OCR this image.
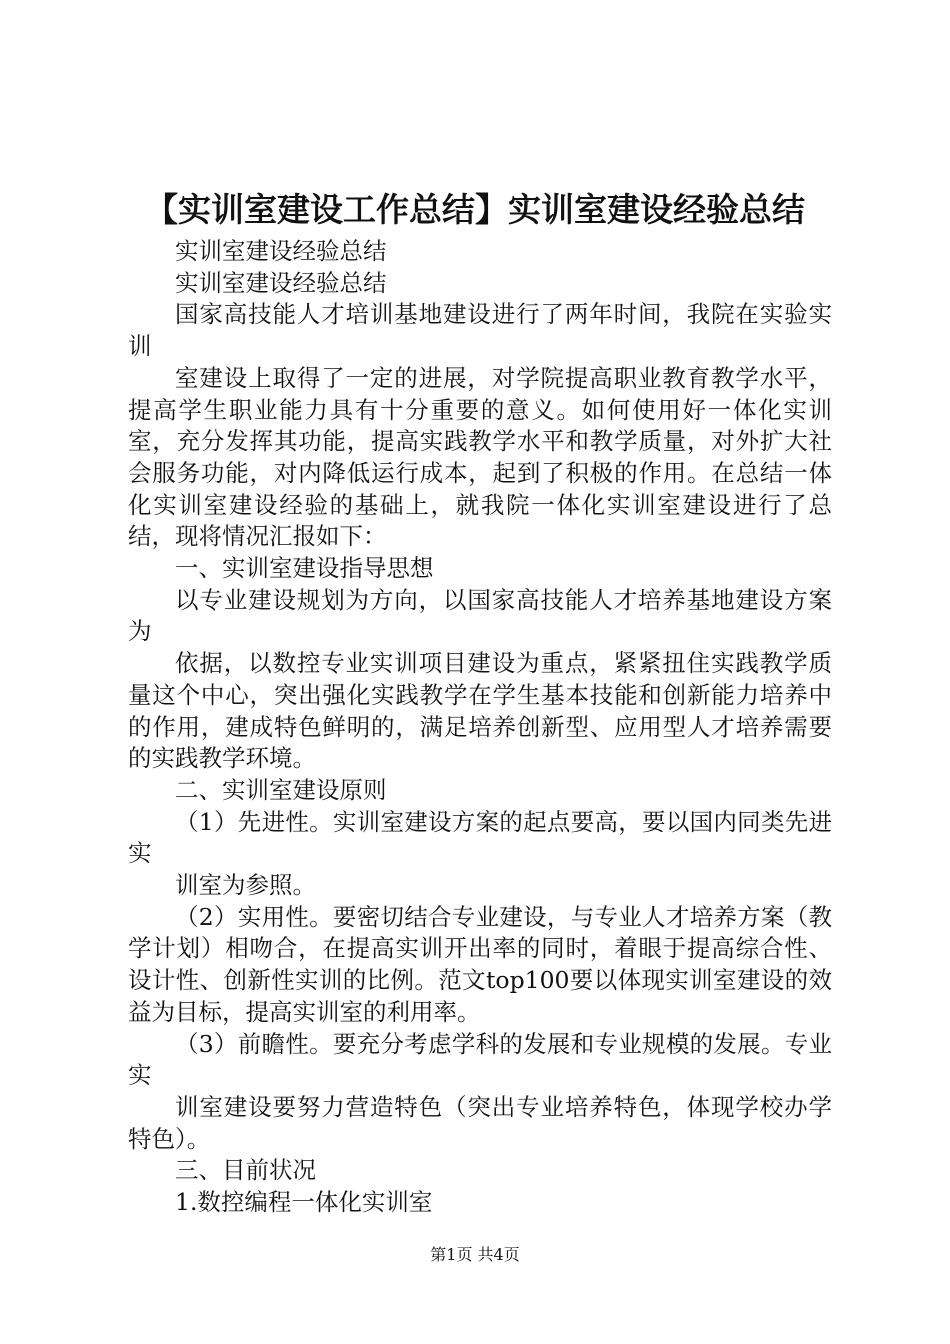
【实训室建设工作总结】实训室建设经验总结

实训室建设经验总结

实训室建设经验总结

国家高技能人才培训基地建设进行了两年时间，我院在实验实训

室建设上取得了一定的进展，对学院提高职业教育教学水平，提高学生职业能力具有十分重要的意义。如何使用好一体化实训室，充分发挥其功能，提高实践教学水平和教学质量，对外扩大社会服务功能，对内降低运行成本，起到了积极的作用。在总结一体化实训室建设经验的基础上，就我院一体化实训室建设进行了总结，现将情况汇报如下：

一、实训室建设指导思想

以专业建设规划为方向，以国家高技能人才培养基地建设方案为

依据，以数控专业实训项目建设为重点，紧紧扭住实践教学质量这个中心，突出强化实践教学在学生基本技能和创新能力培养中的作用，建成特色鲜明的，满足培养创新型、应用型人才培养需要的实践教学环境。

二、实训室建设原则

（1）先进性。实训室建设方案的起点要高，要以国内同类先进实

训室为参照。

（2）实用性。要密切结合专业建设，与专业人才培养方案（教学计划）相吻合，在提高实训开出率的同时，着眼于提高综合性、设计性、创新性实训的比例。范文top100要以体现实训室建设的效益为目标，提高实训室的利用率。

（3）前瞻性。要充分考虑学科的发展和专业规模的发展。专业实

训室建设要努力营造特色（突出专业培养特色，体现学校办学特色）。

三、目前状况

1.数控编程一体化实训室

第1页 共4页
